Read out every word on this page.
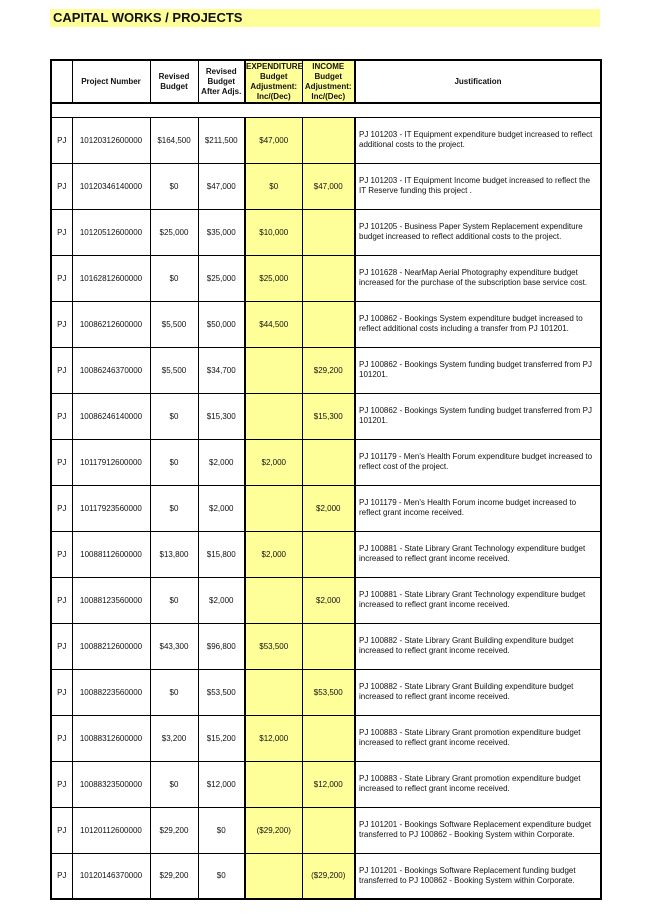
CAPITAL WORKS / PROJECTS
	Project Number	Revised Budget	Revised Budget After Adjs.	EXPENDITURE Budget Adjustment: Inc/(Dec)	INCOME Budget Adjustment: Inc/(Dec)	Justification

PJ	10120312600000	$164,500	$211,500	$47,000		PJ 101203 - IT Equipment expenditure budget increased to reflect additional costs to the project.
PJ	10120346140000	$0	$47,000	$0	$47,000	PJ 101203 - IT Equipment Income budget increased to reflect the IT Reserve funding this project .
PJ	10120512600000	$25,000	$35,000	$10,000		PJ 101205 - Business Paper System Replacement expenditure budget increased to reflect additional costs to the project.
PJ	10162812600000	$0	$25,000	$25,000		PJ 101628 - NearMap Aerial Photography expenditure budget increased for the purchase of the subscription base service cost.
PJ	10086212600000	$5,500	$50,000	$44,500		PJ 100862 - Bookings System expenditure budget increased to reflect additional costs including a transfer from PJ 101201.
PJ	10086246370000	$5,500	$34,700		$29,200	PJ 100862 - Bookings System funding budget transferred from PJ 101201.
PJ	10086246140000	$0	$15,300		$15,300	PJ 100862 - Bookings System funding budget transferred from PJ 101201.
PJ	10117912600000	$0	$2,000	$2,000		PJ 101179 - Men's Health Forum expenditure budget increased to reflect cost of the project.
PJ	10117923560000	$0	$2,000		$2,000	PJ 101179 - Men's Health Forum income budget increased to reflect grant income received.
PJ	10088112600000	$13,800	$15,800	$2,000		PJ 100881 - State Library Grant Technology expenditure budget increased to reflect grant income received.
PJ	10088123560000	$0	$2,000		$2,000	PJ 100881 - State Library Grant Technology expenditure budget increased to reflect grant income received.
PJ	10088212600000	$43,300	$96,800	$53,500		PJ 100882 - State Library Grant Building expenditure budget increased to reflect grant income received.
PJ	10088223560000	$0	$53,500		$53,500	PJ 100882 - State Library Grant Building expenditure budget increased to reflect grant income received.
PJ	10088312600000	$3,200	$15,200	$12,000		PJ 100883 - State Library Grant promotion expenditure budget increased to reflect grant income received.
PJ	10088323500000	$0	$12,000		$12,000	PJ 100883 - State Library Grant promotion expenditure budget increased to reflect grant income received.
PJ	10120112600000	$29,200	$0	($29,200)		PJ 101201 - Bookings Software Replacement expenditure budget transferred to PJ 100862 - Booking System within Corporate.
PJ	10120146370000	$29,200	$0		($29,200)	PJ 101201 - Bookings Software Replacement funding budget transferred to PJ 100862 - Booking System within Corporate.
